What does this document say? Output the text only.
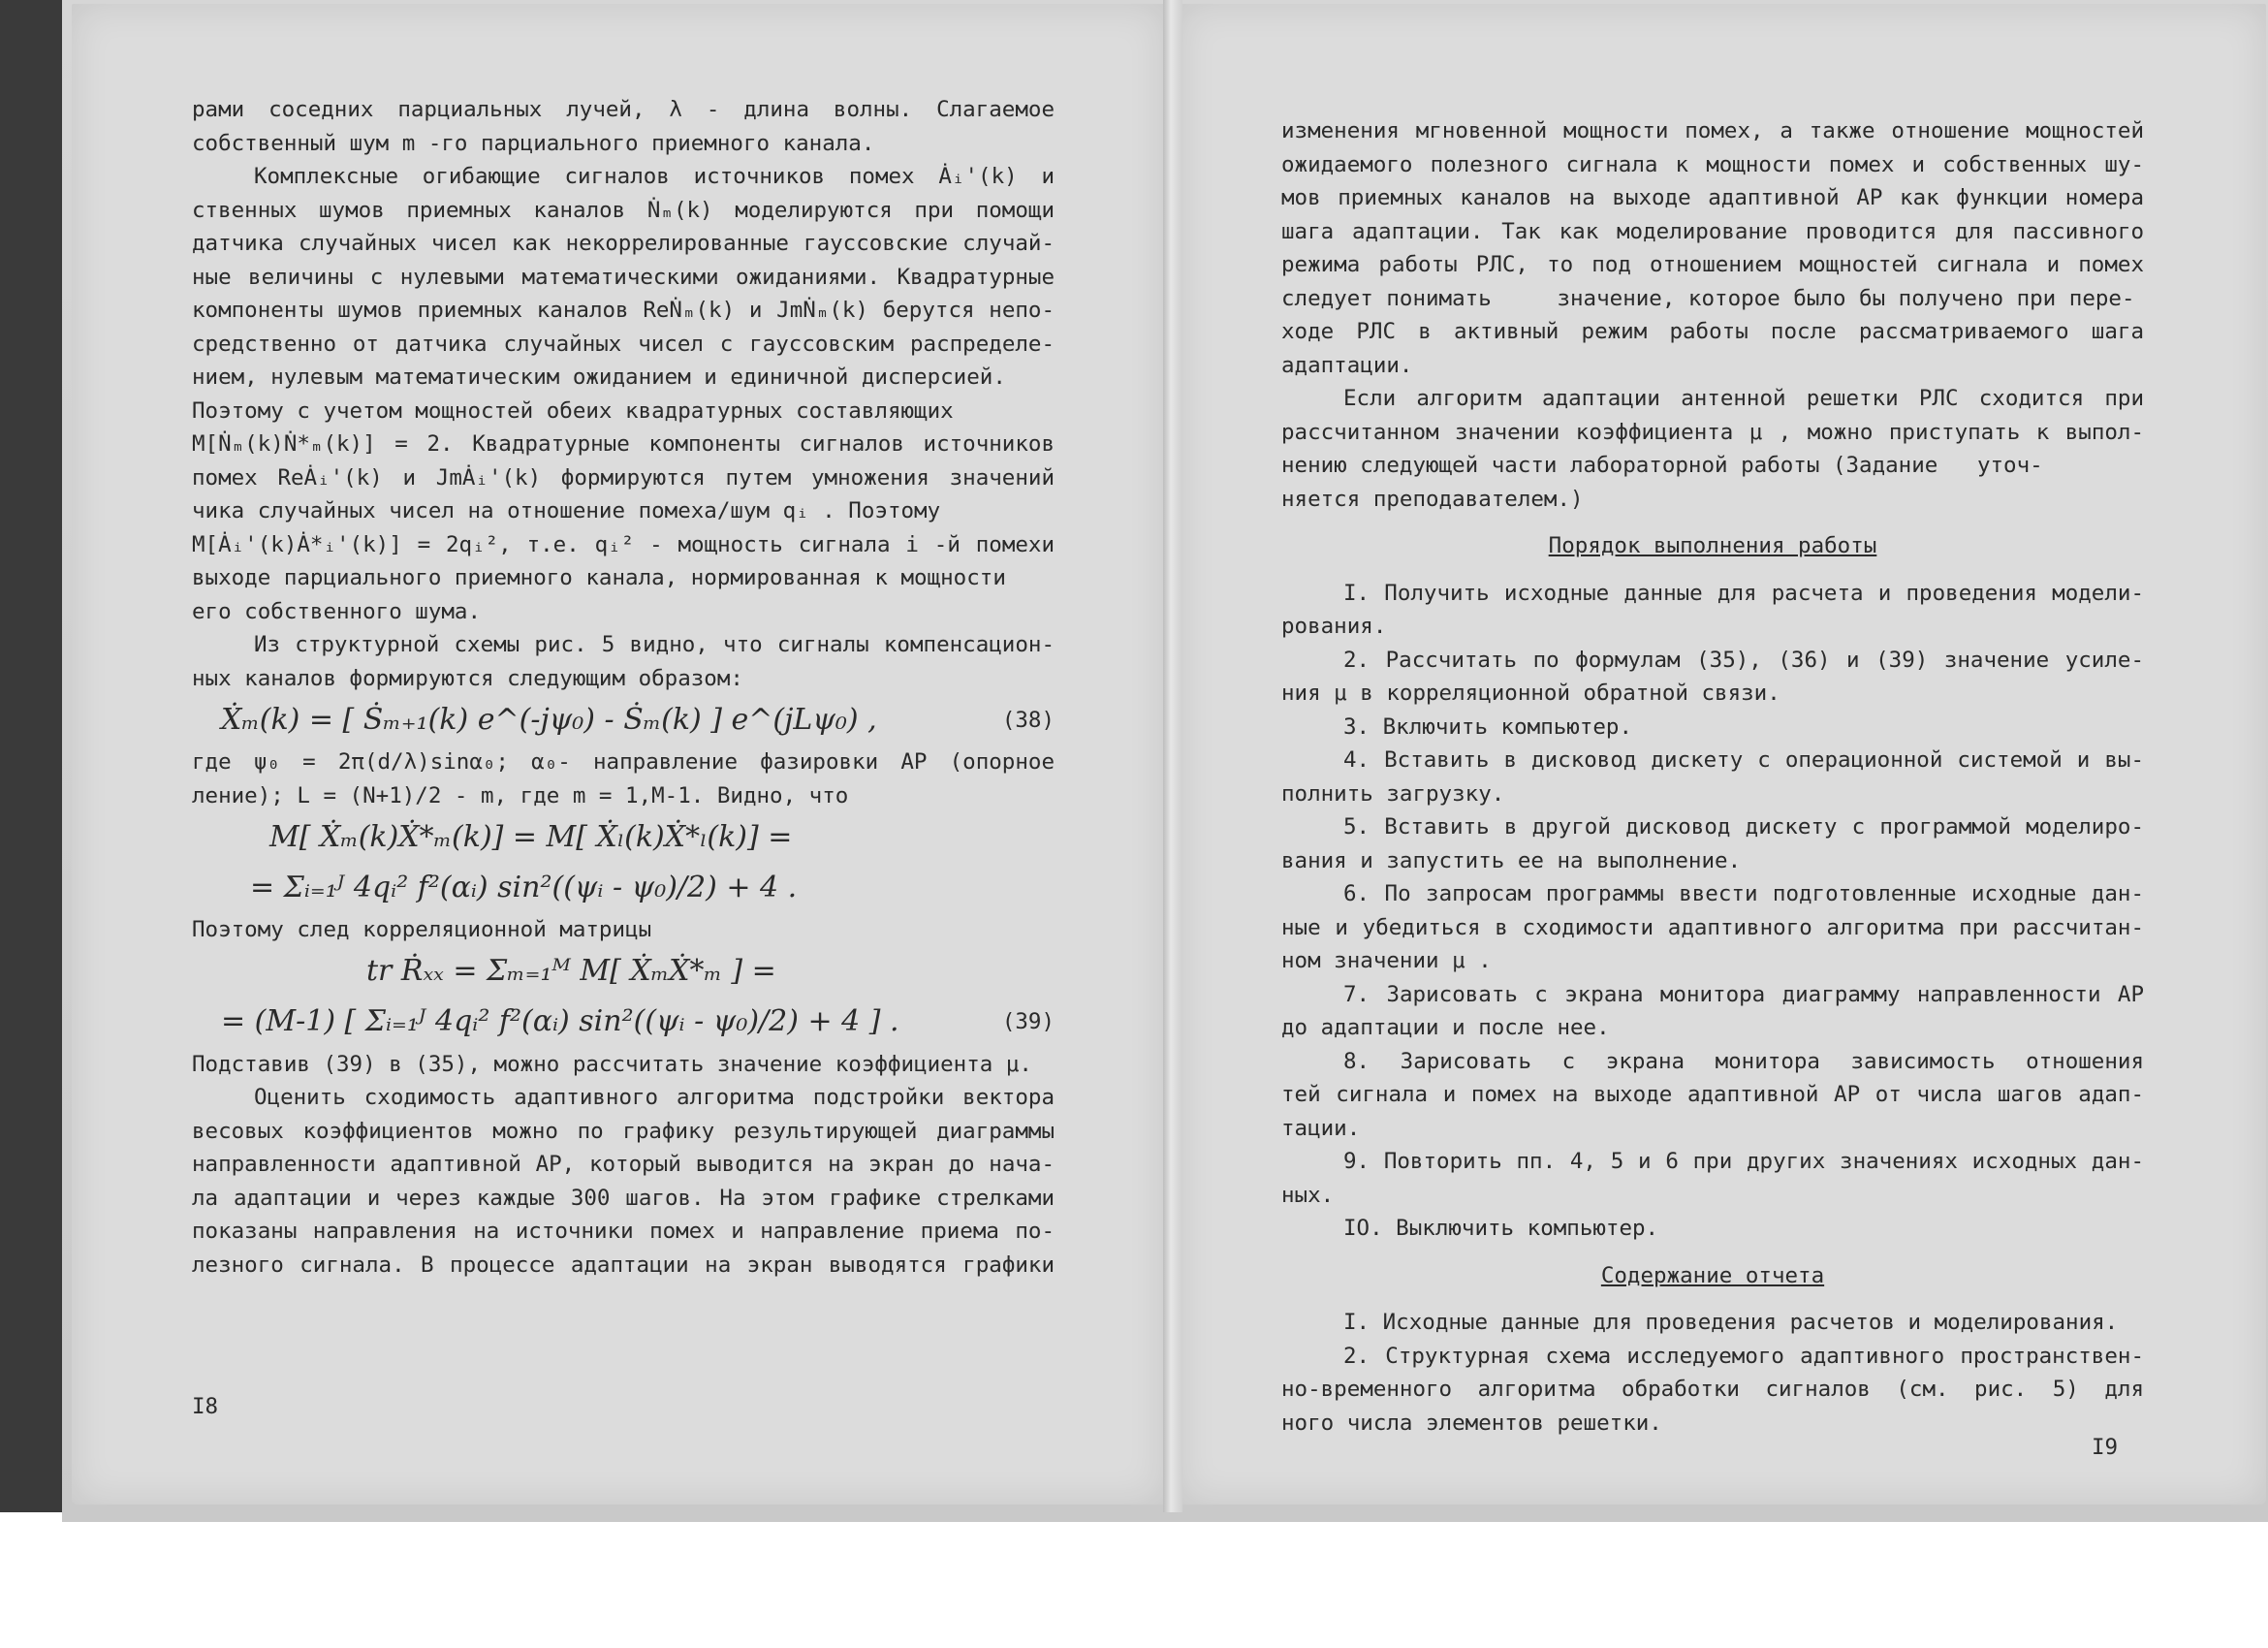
рами соседних парциальных лучей, λ - длина волны. Слагаемое
собственный шум m -го парциального приемного канала.
Комплексные огибающие сигналов источников помех Ȧᵢ'(k) и
ственных шумов приемных каналов Ṅₘ(k) моделируются при помощи
датчика случайных чисел как некоррелированные гауссовские случай-
ные величины с нулевыми математическими ожиданиями. Квадратурные
компоненты шумов приемных каналов ReṄₘ(k) и JmṄₘ(k) берутся непо-
средственно от датчика случайных чисел с гауссовским распределе-
нием, нулевым математическим ожиданием и единичной дисперсией.
Поэтому с учетом мощностей обеих квадратурных составляющих
M[Ṅₘ(k)Ṅ*ₘ(k)] = 2. Квадратурные компоненты сигналов источников
помех ReȦᵢ'(k) и JmȦᵢ'(k) формируются путем умножения значений
чика случайных чисел на отношение помеха/шум qᵢ . Поэтому
M[Ȧᵢ'(k)Ȧ*ᵢ'(k)] = 2qᵢ², т.е. qᵢ² - мощность сигнала i -й помехи
выходе парциального приемного канала, нормированная к мощности
его собственного шума.
Из структурной схемы рис. 5 видно, что сигналы компенсацион-
ных каналов формируются следующим образом:
Ẋₘ(k) = [ Ṡₘ₊₁(k) e^(-jψ₀) - Ṡₘ(k) ] e^(jLψ₀) ,	(38)
где ψ₀ = 2π(d/λ)sinα₀; α₀- направление фазировки АР (опорное
ление); L = (N+1)/2 - m, где m = 1,M-1. Видно, что
M[ Ẋₘ(k)Ẋ*ₘ(k)] = M[ Ẋₗ(k)Ẋ*ₗ(k)] =
= Σᵢ₌₁ᴶ 4qᵢ² f²(αᵢ) sin²((ψᵢ - ψ₀)/2) + 4 .
Поэтому след корреляционной матрицы
tr Ṙₓₓ = Σₘ₌₁ᴹ M[ ẊₘẊ*ₘ ] =
= (M-1) [ Σᵢ₌₁ᴶ 4qᵢ² f²(αᵢ) sin²((ψᵢ - ψ₀)/2) + 4 ] .	(39)
Подставив (39) в (35), можно рассчитать значение коэффициента μ.
Оценить сходимость адаптивного алгоритма подстройки вектора
весовых коэффициентов можно по графику результирующей диаграммы
направленности адаптивной АР, который выводится на экран до нача-
ла адаптации и через каждые 300 шагов. На этом графике стрелками
показаны направления на источники помех и направление приема по-
лезного сигнала. В процессе адаптации на экран выводятся графики
I8
изменения мгновенной мощности помех, а также отношение мощностей
ожидаемого полезного сигнала к мощности помех и собственных шу-
мов приемных каналов на выходе адаптивной АР как функции номера
шага адаптации. Так как моделирование проводится для пассивного
режима работы РЛС, то под отношением мощностей сигнала и помех
следует понимать     значение, которое было бы получено при пере-
ходе РЛС в активный режим работы после рассматриваемого шага
адаптации.
Если алгоритм адаптации антенной решетки РЛС сходится при
рассчитанном значении коэффициента μ , можно приступать к выпол-
нению следующей части лабораторной работы (Задание   уточ-
няется преподавателем.)
Порядок выполнения работы
I. Получить исходные данные для расчета и проведения модели-
рования.
2. Рассчитать по формулам (35), (36) и (39) значение усиле-
ния μ в корреляционной обратной связи.
3. Включить компьютер.
4. Вставить в дисковод дискету с операционной системой и вы-
полнить загрузку.
5. Вставить в другой дисковод дискету с программой моделиро-
вания и запустить ее на выполнение.
6. По запросам программы ввести подготовленные исходные дан-
ные и убедиться в сходимости адаптивного алгоритма при рассчитан-
ном значении μ .
7. Зарисовать с экрана монитора диаграмму направленности АР
до адаптации и после нее.
8. Зарисовать с экрана монитора зависимость отношения
тей сигнала и помех на выходе адаптивной АР от числа шагов адап-
тации.
9. Повторить пп. 4, 5 и 6 при других значениях исходных дан-
ных.
IO. Выключить компьютер.
Содержание отчета
I. Исходные данные для проведения расчетов и моделирования.
2. Структурная схема исследуемого адаптивного пространствен-
но-временного алгоритма обработки сигналов (см. рис. 5) для
ного числа элементов решетки.
I9
